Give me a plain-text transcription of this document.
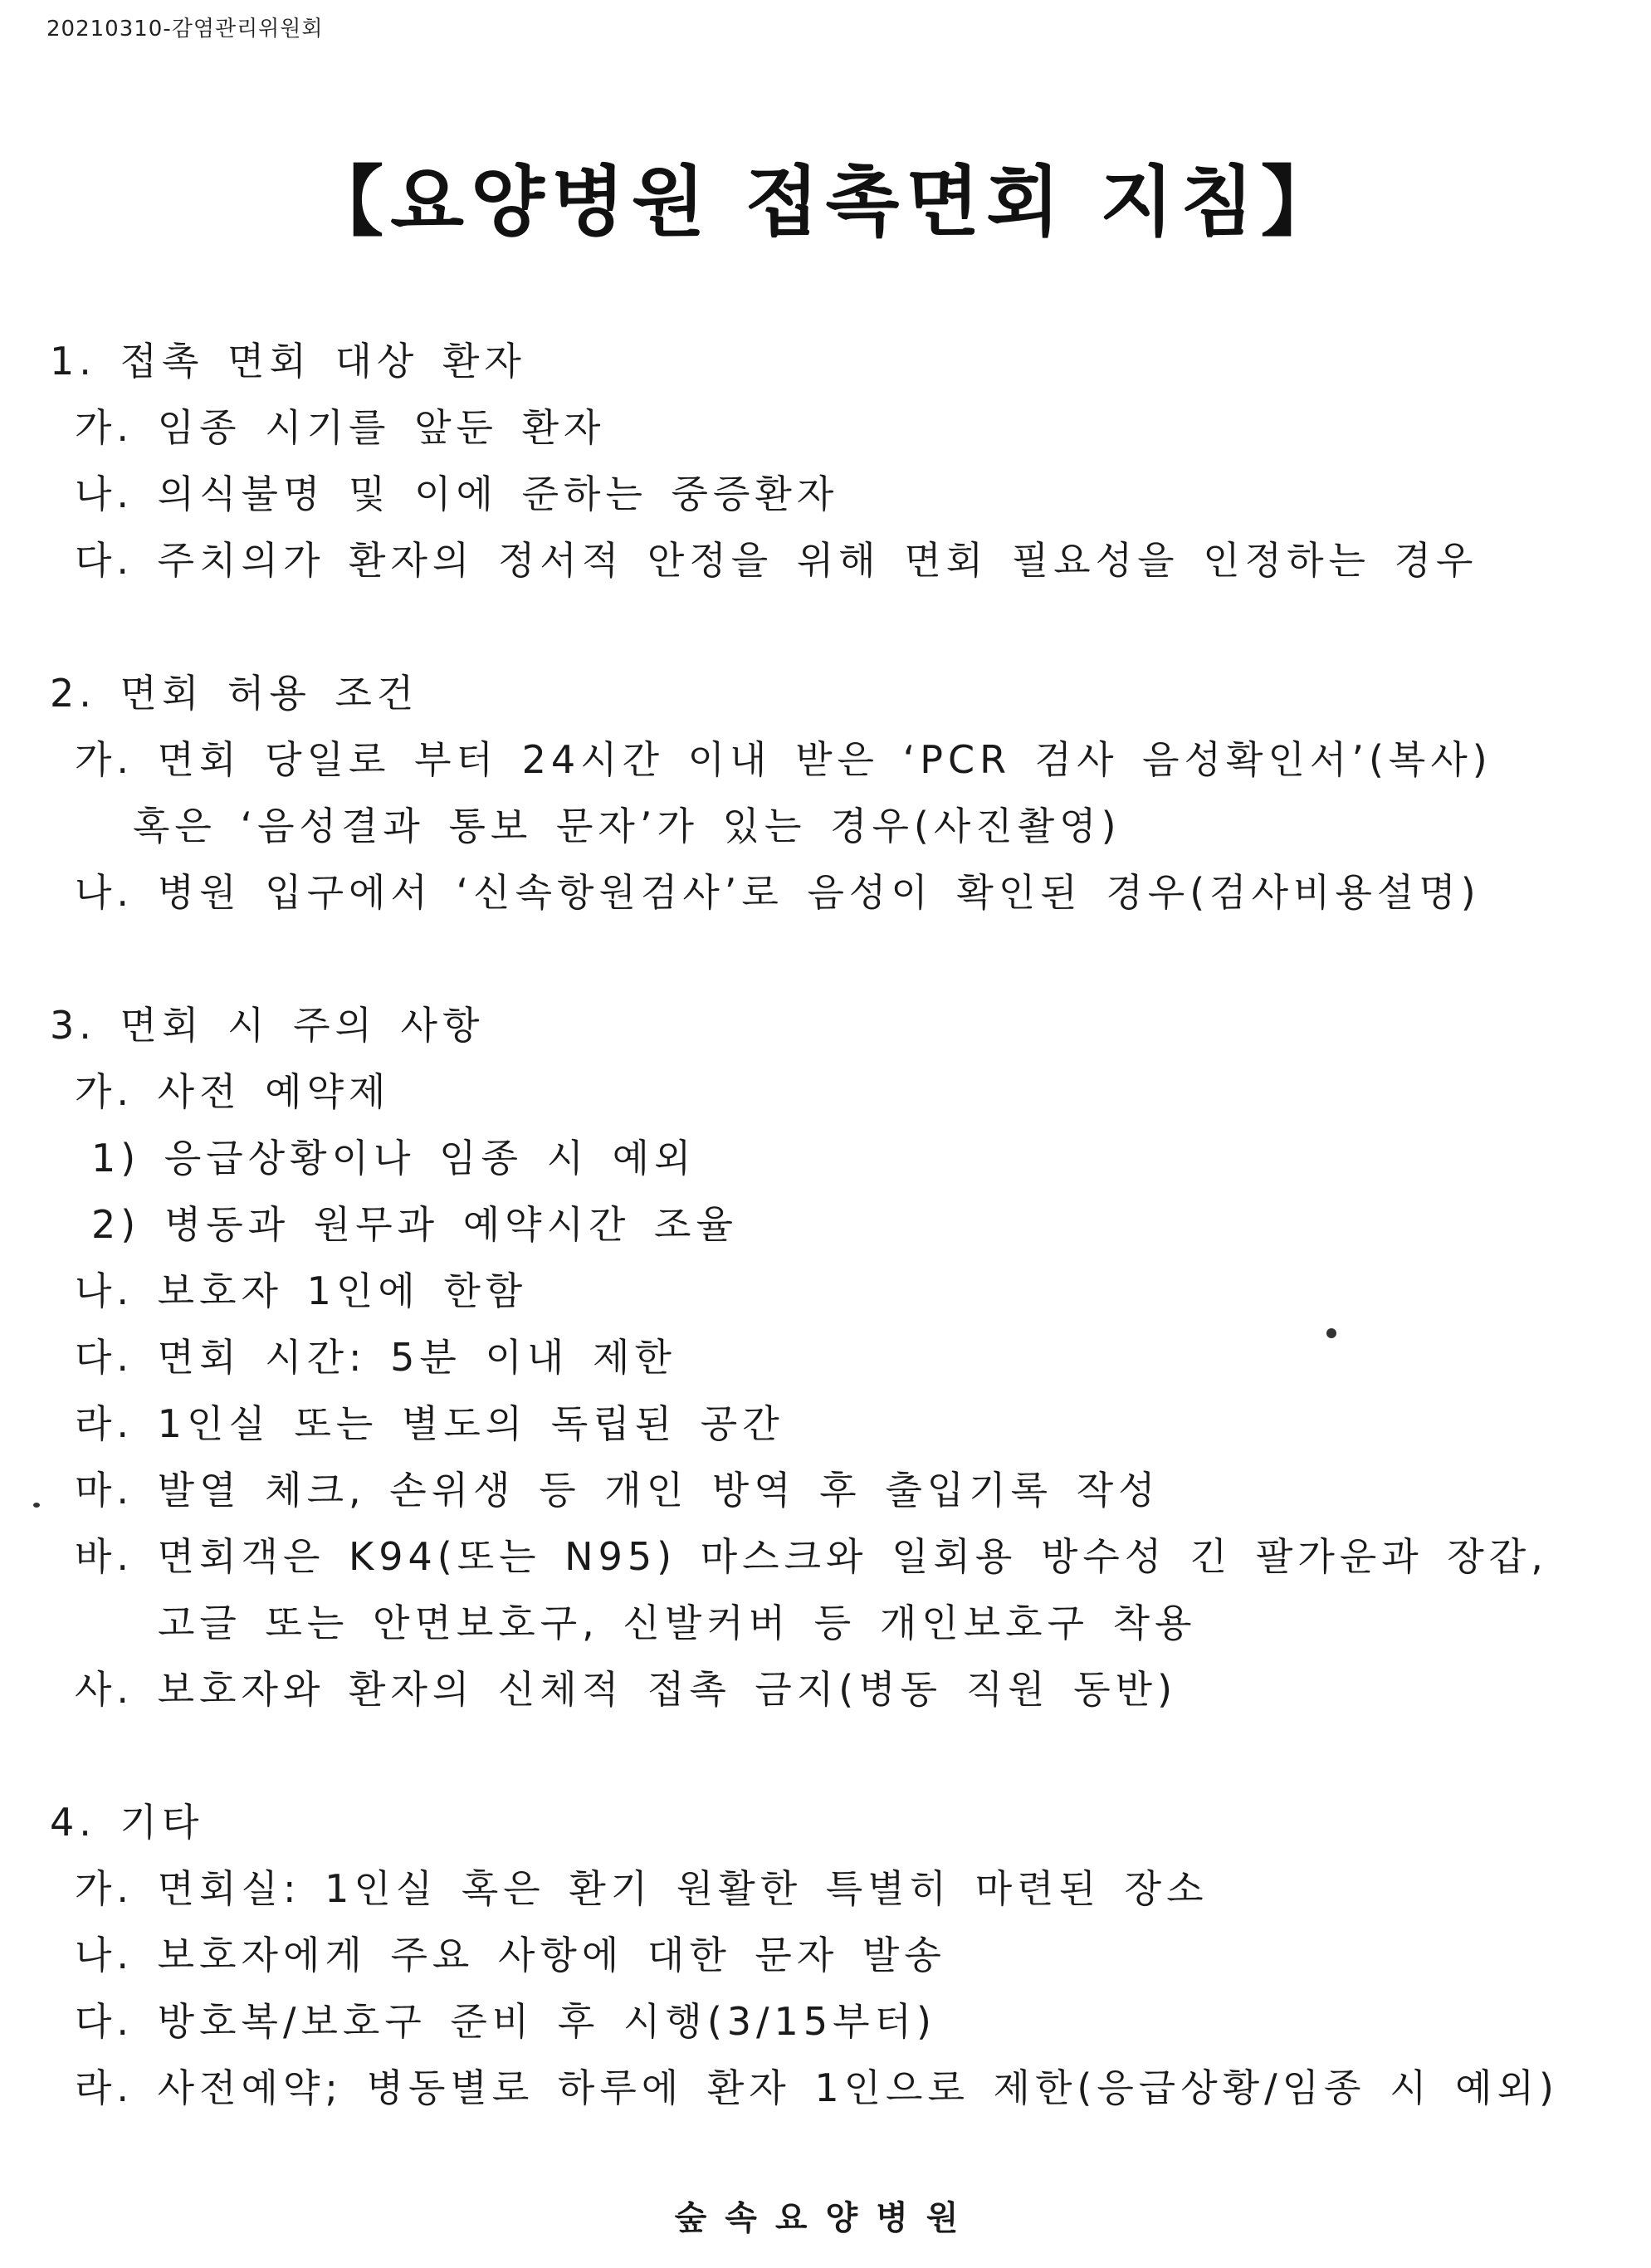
20210310-감염관리위원회
【요양병원 접촉면회 지침】
1. 접촉 면회 대상 환자
가. 임종 시기를 앞둔 환자
나. 의식불명 및 이에 준하는 중증환자
다. 주치의가 환자의 정서적 안정을 위해 면회 필요성을 인정하는 경우
2. 면회 허용 조건
가. 면회 당일로 부터 24시간 이내 받은 ‘PCR 검사 음성확인서’(복사)
혹은 ‘음성결과 통보 문자’가 있는 경우(사진촬영)
나. 병원 입구에서 ‘신속항원검사’로 음성이 확인된 경우(검사비용설명)
3. 면회 시 주의 사항
가. 사전 예약제
1) 응급상황이나 임종 시 예외
2) 병동과 원무과 예약시간 조율
나. 보호자 1인에 한함
다. 면회 시간: 5분 이내 제한
라. 1인실 또는 별도의 독립된 공간
마. 발열 체크, 손위생 등 개인 방역 후 출입기록 작성
바. 면회객은 K94(또는 N95) 마스크와 일회용 방수성 긴 팔가운과 장갑,
고글 또는 안면보호구, 신발커버 등 개인보호구 착용
사. 보호자와 환자의 신체적 접촉 금지(병동 직원 동반)
4. 기타
가. 면회실: 1인실 혹은 환기 원활한 특별히 마련된 장소
나. 보호자에게 주요 사항에 대한 문자 발송
다. 방호복/보호구 준비 후 시행(3/15부터)
라. 사전예약; 병동별로 하루에 환자 1인으로 제한(응급상황/임종 시 예외)
숲속요양병원
